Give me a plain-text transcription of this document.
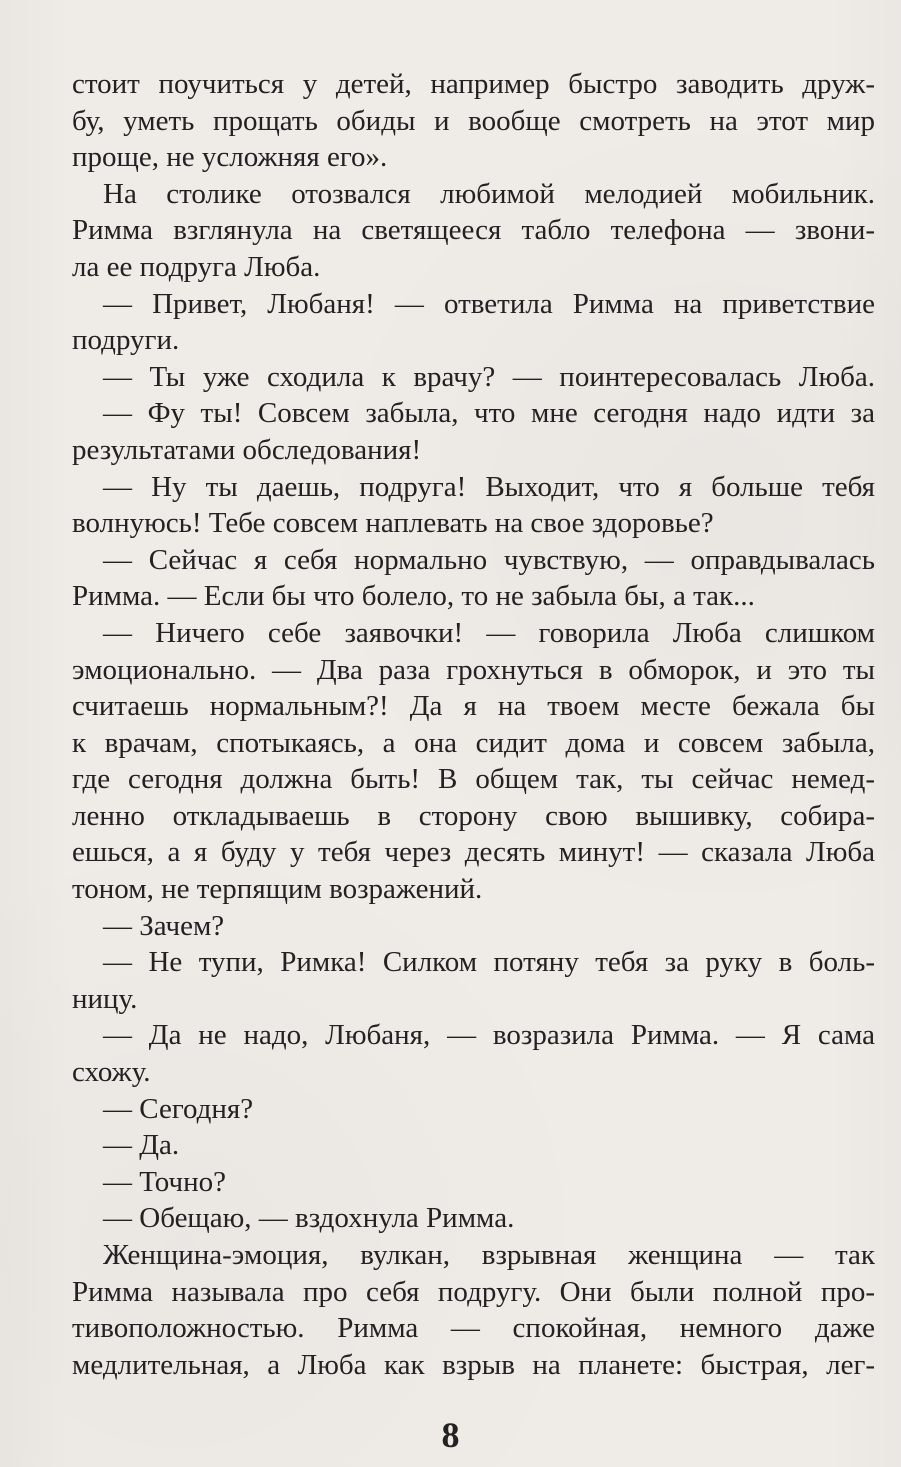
стоит поучиться у детей, например быстро заводить друж-
бу, уметь прощать обиды и вообще смотреть на этот мир
проще, не усложняя его».
На столике отозвался любимой мелодией мобильник.
Римма взглянула на светящееся табло телефона — звони-
ла ее подруга Люба.
— Привет, Любаня! — ответила Римма на приветствие
подруги.
— Ты уже сходила к врачу? — поинтересовалась Люба.
— Фу ты! Совсем забыла, что мне сегодня надо идти за
результатами обследования!
— Ну ты даешь, подруга! Выходит, что я больше тебя
волнуюсь! Тебе совсем наплевать на свое здоровье?
— Сейчас я себя нормально чувствую, — оправдывалась
Римма. — Если бы что болело, то не забыла бы, а так...
— Ничего себе заявочки! — говорила Люба слишком
эмоционально. — Два раза грохнуться в обморок, и это ты
считаешь нормальным?! Да я на твоем месте бежала бы
к врачам, спотыкаясь, а она сидит дома и совсем забыла,
где сегодня должна быть! В общем так, ты сейчас немед-
ленно откладываешь в сторону свою вышивку, собира-
ешься, а я буду у тебя через десять минут! — сказала Люба
тоном, не терпящим возражений.
— Зачем?
— Не тупи, Римка! Силком потяну тебя за руку в боль-
ницу.
— Да не надо, Любаня, — возразила Римма. — Я сама
схожу.
— Сегодня?
— Да.
— Точно?
— Обещаю, — вздохнула Римма.
Женщина-эмоция, вулкан, взрывная женщина — так
Римма называла про себя подругу. Они были полной про-
тивоположностью. Римма — спокойная, немного даже
медлительная, а Люба как взрыв на планете: быстрая, лег-
8
